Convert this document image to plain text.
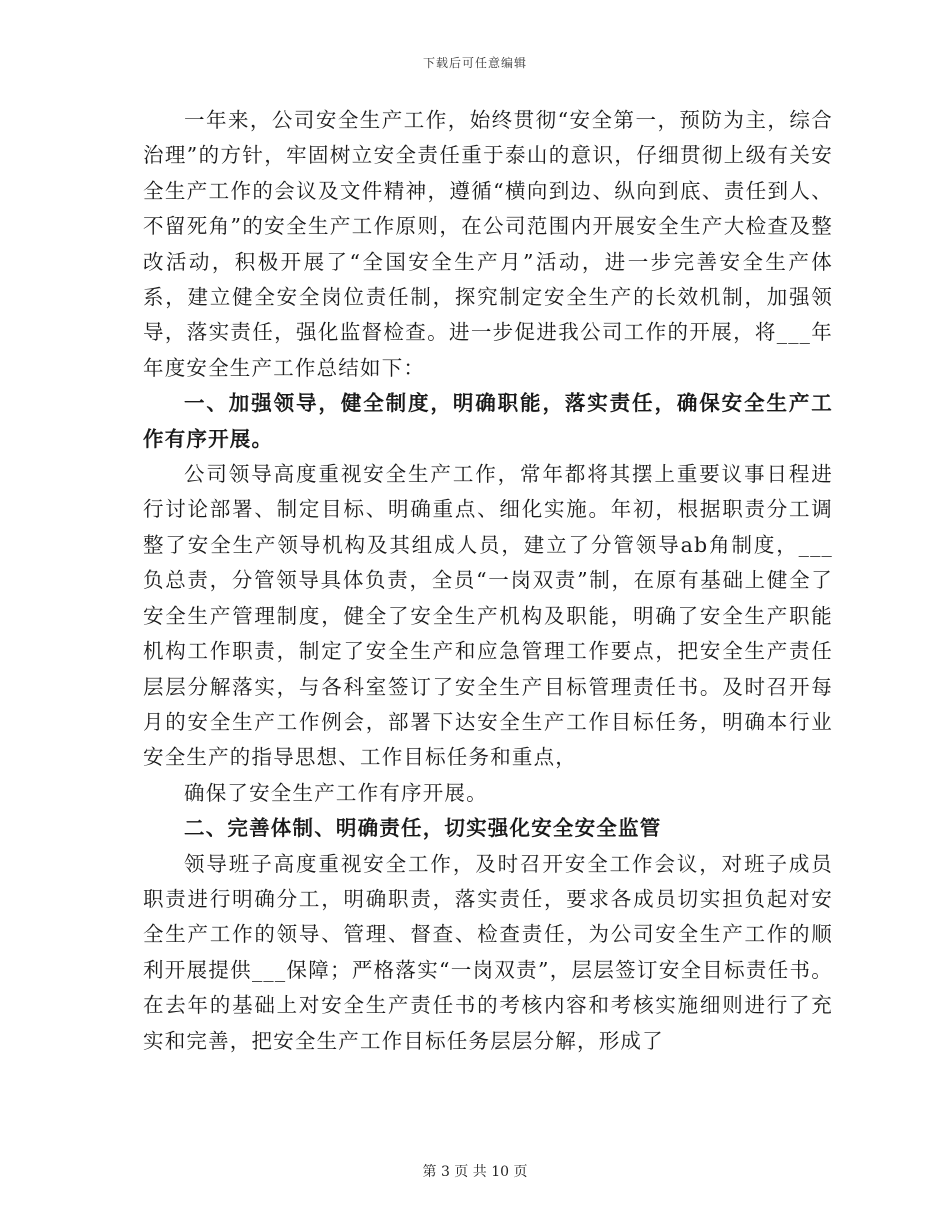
下载后可任意编辑

一年来，公司安全生产工作，始终贯彻“安全第一，预防为主，综合治理”的方针，牢固树立安全责任重于泰山的意识，仔细贯彻上级有关安全生产工作的会议及文件精神，遵循“横向到边、纵向到底、责任到人、不留死角”的安全生产工作原则，在公司范围内开展安全生产大检查及整改活动，积极开展了“全国安全生产月”活动，进一步完善安全生产体系，建立健全安全岗位责任制，探究制定安全生产的长效机制，加强领导，落实责任，强化监督检查。进一步促进我公司工作的开展，将___年年度安全生产工作总结如下：

一、加强领导，健全制度，明确职能，落实责任，确保安全生产工作有序开展。

公司领导高度重视安全生产工作，常年都将其摆上重要议事日程进行讨论部署、制定目标、明确重点、细化实施。年初，根据职责分工调整了安全生产领导机构及其组成人员，建立了分管领导ab角制度，___负总责，分管领导具体负责，全员“一岗双责”制，在原有基础上健全了安全生产管理制度，健全了安全生产机构及职能，明确了安全生产职能机构工作职责，制定了安全生产和应急管理工作要点，把安全生产责任层层分解落实，与各科室签订了安全生产目标管理责任书。及时召开每月的安全生产工作例会，部署下达安全生产工作目标任务，明确本行业安全生产的指导思想、工作目标任务和重点，

确保了安全生产工作有序开展。

二、完善体制、明确责任，切实强化安全安全监管

领导班子高度重视安全工作，及时召开安全工作会议，对班子成员职责进行明确分工，明确职责，落实责任，要求各成员切实担负起对安全生产工作的领导、管理、督查、检查责任，为公司安全生产工作的顺利开展提供___保障；严格落实“一岗双责”，层层签订安全目标责任书。在去年的基础上对安全生产责任书的考核内容和考核实施细则进行了充实和完善，把安全生产工作目标任务层层分解，形成了

第 3 页 共 10 页
